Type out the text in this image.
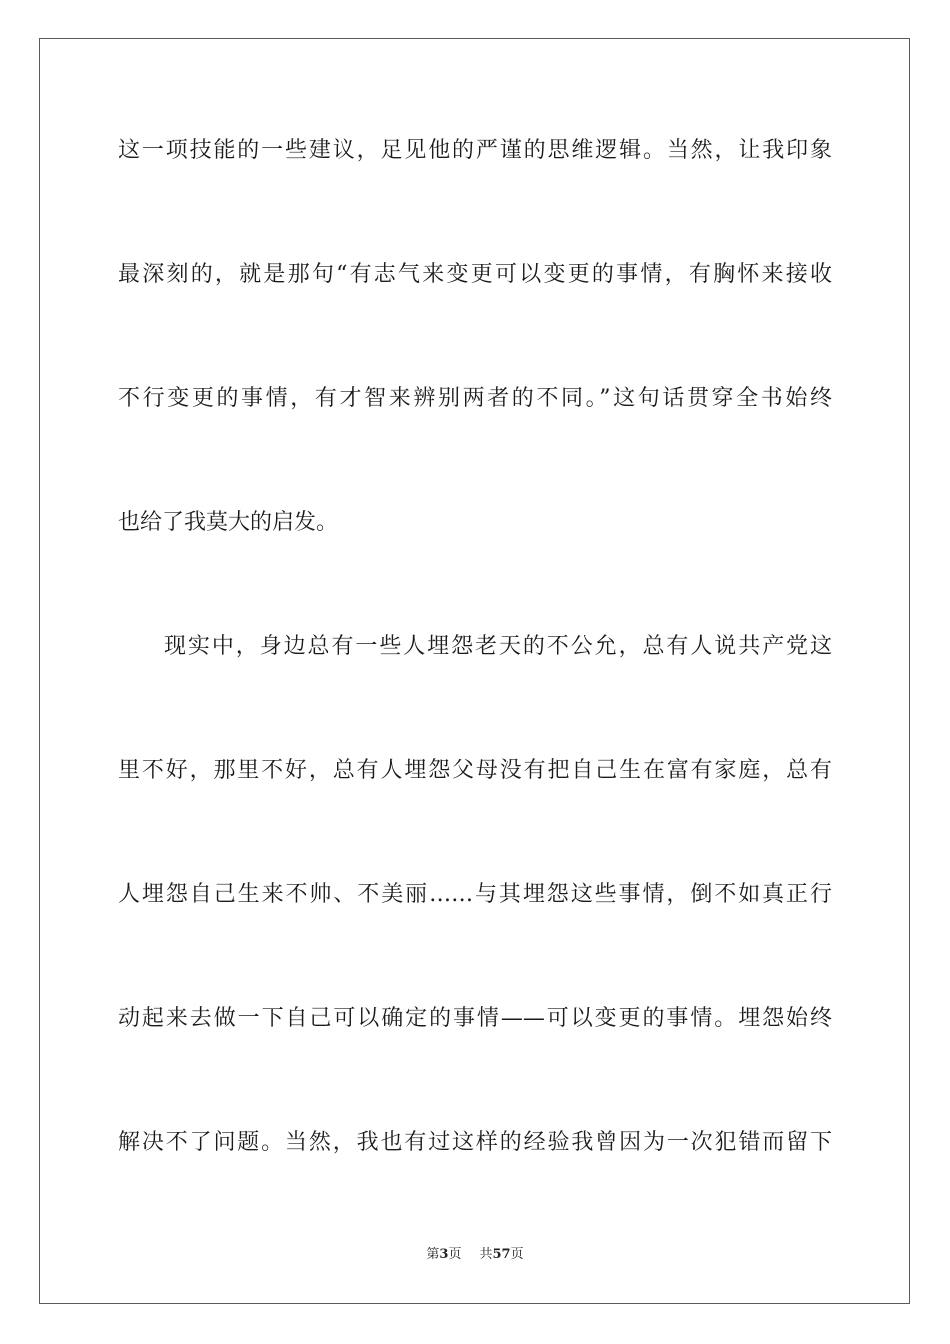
这一项技能的一些建议，足见他的严谨的思维逻辑。当然，让我印象

最深刻的，就是那句“有志气来变更可以变更的事情，有胸怀来接收

不行变更的事情，有才智来辨别两者的不同。”这句话贯穿全书始终

也给了我莫大的启发。

现实中，身边总有一些人埋怨老天的不公允，总有人说共产党这

里不好，那里不好，总有人埋怨父母没有把自己生在富有家庭，总有

人埋怨自己生来不帅、不美丽……与其埋怨这些事情，倒不如真正行

动起来去做一下自己可以确定的事情——可以变更的事情。埋怨始终

解决不了问题。当然，我也有过这样的经验我曾因为一次犯错而留下

第3页 共57页
